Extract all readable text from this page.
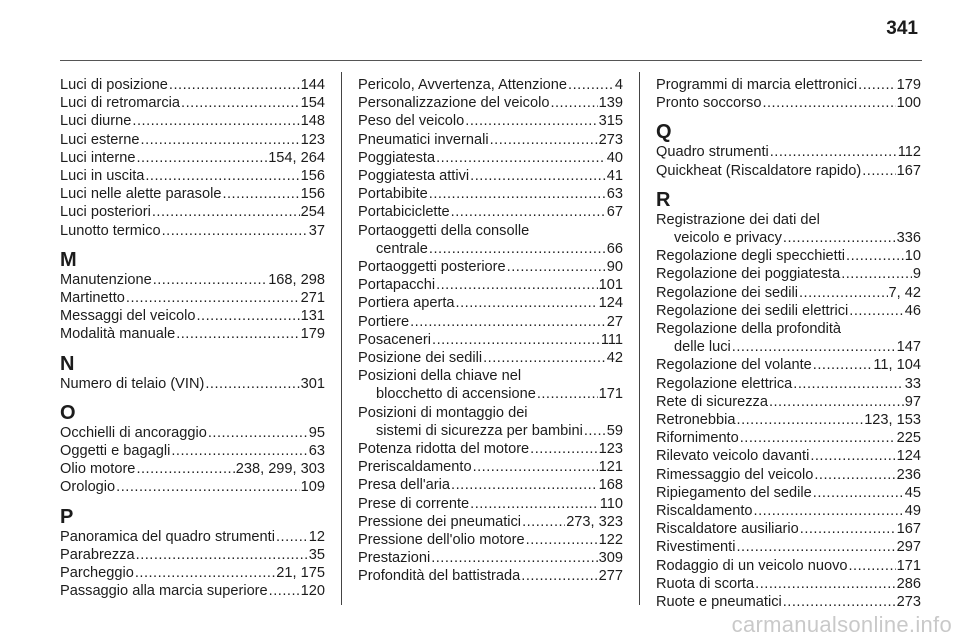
341
Luci di posizione .....	144
Luci di retromarcia .....	154
Luci diurne .....	148
Luci esterne .....	123
Luci interne .....	154, 264
Luci in uscita .....	156
Luci nelle alette parasole .....	156
Luci posteriori .....	254
Lunotto termico .....	37
M
Manutenzione .....	168, 298
Martinetto .....	271
Messaggi del veicolo .....	131
Modalità manuale .....	179
N
Numero di telaio (VIN) .....	301
O
Occhielli di ancoraggio .....	95
Oggetti e bagagli .....	63
Olio motore .....	238, 299, 303
Orologio .....	109
P
Panoramica del quadro strumenti ..... 12
Parabrezza .....	35
Parcheggio .....	21, 175
Passaggio alla marcia superiore ..... 120
Pericolo, Avvertenza, Attenzione .....	4
Personalizzazione del veicolo .....	139
Peso del veicolo .....	315
Pneumatici invernali .....	273
Poggiatesta .....	40
Poggiatesta attivi .....	41
Portabibite .....	63
Portabiciclette .....	67
Portaoggetti della consolle
centrale .....	66
Portaoggetti posteriore .....	90
Portapacchi .....	101
Portiera aperta .....	124
Portiere .....	27
Posaceneri .....	111
Posizione dei sedili .....	42
Posizioni della chiave nel
blocchetto di accensione .....	171
Posizioni di montaggio dei
sistemi di sicurezza per bambini ..... 59
Potenza ridotta del motore .....	123
Preriscaldamento .....	121
Presa dell'aria .....	168
Prese di corrente .....	110
Pressione dei pneumatici .....	273, 323
Pressione dell'olio motore .....	122
Prestazioni .....	309
Profondità del battistrada .....	277
Programmi di marcia elettronici .....	179
Pronto soccorso .....	100
Q
Quadro strumenti .....	112
Quickheat (Riscaldatore rapido) ..... 167
R
Registrazione dei dati del
veicolo e privacy .....	336
Regolazione degli specchietti .....	10
Regolazione dei poggiatesta .....	9
Regolazione dei sedili .....	7, 42
Regolazione dei sedili elettrici .....	46
Regolazione della profondità
delle luci .....	147
Regolazione del volante .....	11, 104
Regolazione elettrica .....	33
Rete di sicurezza .....	97
Retronebbia .....	123, 153
Rifornimento .....	225
Rilevato veicolo davanti .....	124
Rimessaggio del veicolo .....	236
Ripiegamento del sedile .....	45
Riscaldamento .....	49
Riscaldatore ausiliario .....	167
Rivestimenti .....	297
Rodaggio di un veicolo nuovo .....	171
Ruota di scorta .....	286
Ruote e pneumatici .....	273
carmanualsonline.info
